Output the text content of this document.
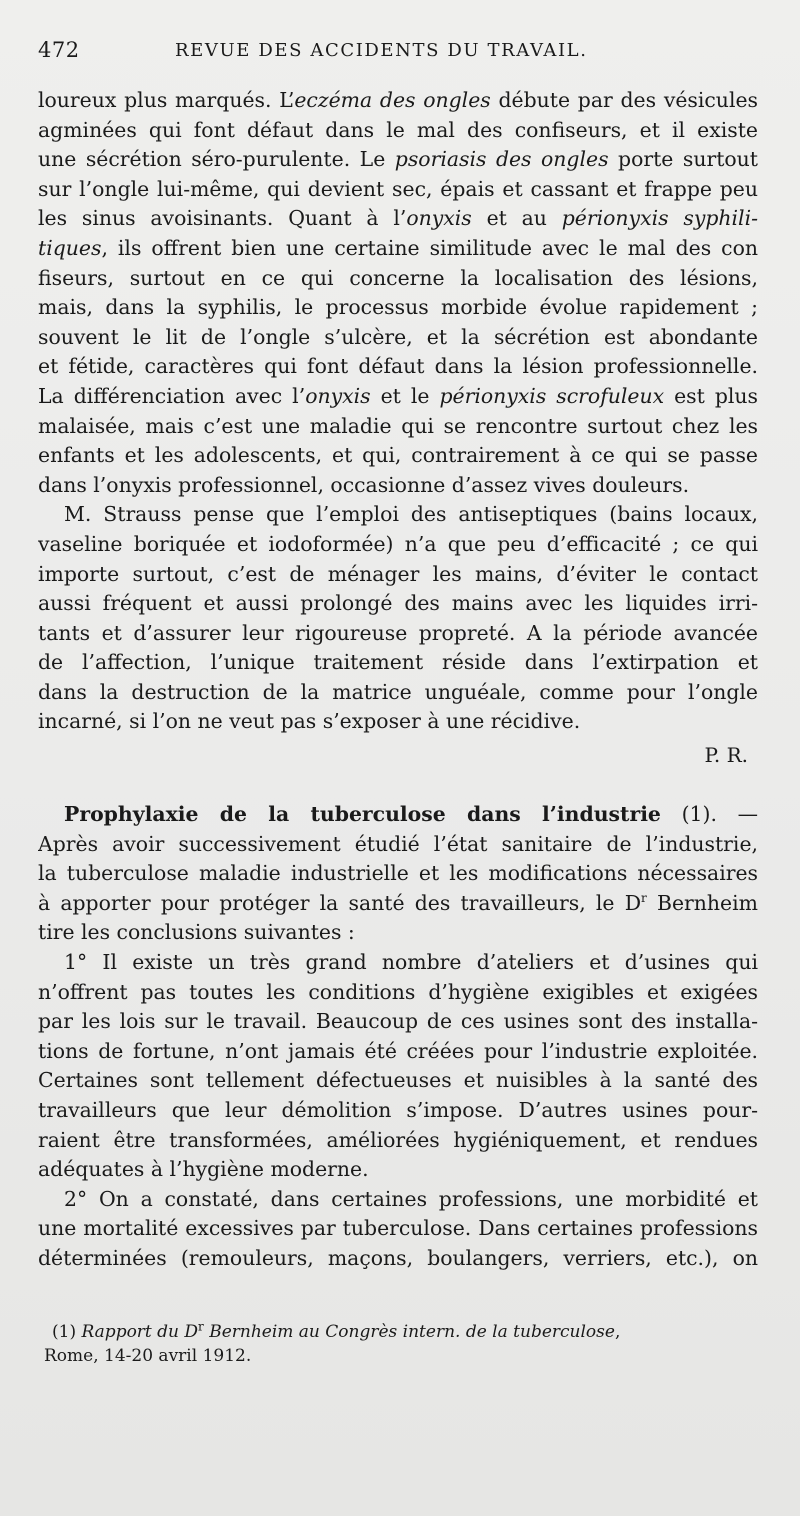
472	REVUE DES ACCIDENTS DU TRAVAIL.
loureux plus marqués. L’eczéma des ongles débute par des vésicules
agminées qui font défaut dans le mal des confiseurs, et il existe
une sécrétion séro-purulente. Le psoriasis des ongles porte surtout
sur l’ongle lui-même, qui devient sec, épais et cassant et frappe peu
les sinus avoisinants. Quant à l’onyxis et au périonyxis syphili-
tiques, ils offrent bien une certaine similitude avec le mal des con
fiseurs, surtout en ce qui concerne la localisation des lésions,
mais, dans la syphilis, le processus morbide évolue rapidement ;
souvent le lit de l’ongle s’ulcère, et la sécrétion est abondante
et fétide, caractères qui font défaut dans la lésion professionnelle.
La différenciation avec l’onyxis et le périonyxis scrofuleux est plus
malaisée, mais c’est une maladie qui se rencontre surtout chez les
enfants et les adolescents, et qui, contrairement à ce qui se passe
dans l’onyxis professionnel, occasionne d’assez vives douleurs.
M. Strauss pense que l’emploi des antiseptiques (bains locaux,
vaseline boriquée et iodoformée) n’a que peu d’efficacité ; ce qui
importe surtout, c’est de ménager les mains, d’éviter le contact
aussi fréquent et aussi prolongé des mains avec les liquides irri-
tants et d’assurer leur rigoureuse propreté. A la période avancée
de l’affection, l’unique traitement réside dans l’extirpation et
dans la destruction de la matrice unguéale, comme pour l’ongle
incarné, si l’on ne veut pas s’exposer à une récidive.
P. R.
Prophylaxie de la tuberculose dans l’industrie (1). —
Après avoir successivement étudié l’état sanitaire de l’industrie,
la tuberculose maladie industrielle et les modifications nécessaires
à apporter pour protéger la santé des travailleurs, le $D^r$ Bernheim
tire les conclusions suivantes :
1° Il existe un très grand nombre d’ateliers et d’usines qui
n’offrent pas toutes les conditions d’hygiène exigibles et exigées
par les lois sur le travail. Beaucoup de ces usines sont des installa-
tions de fortune, n’ont jamais été créées pour l’industrie exploitée.
Certaines sont tellement défectueuses et nuisibles à la santé des
travailleurs que leur démolition s’impose. D’autres usines pour-
raient être transformées, améliorées hygiéniquement, et rendues
adéquates à l’hygiène moderne.
2° On a constaté, dans certaines professions, une morbidité et
une mortalité excessives par tuberculose. Dans certaines professions
déterminées (remouleurs, maçons, boulangers, verriers, etc.), on
(1) Rapport du $D^r$ Bernheim au Congrès intern. de la tuberculose,
Rome, 14-20 avril 1912.
